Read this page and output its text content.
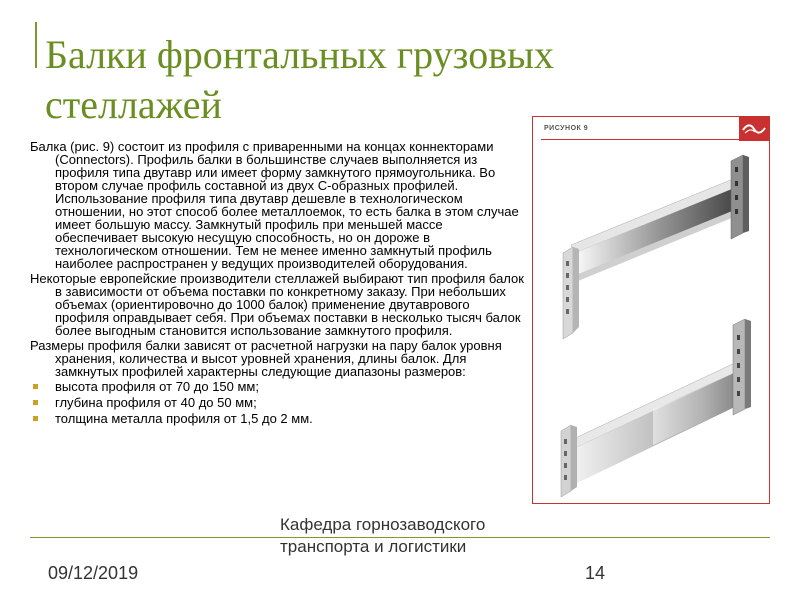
Балки фронтальных грузовых стеллажей

Балка (рис. 9) состоит из профиля с приваренными на концах коннекторами (Connectors). Профиль балки в большинстве случаев выполняется из профиля типа двутавр или имеет форму замкнутого прямоугольника. Во втором случае профиль составной из двух С-образных профилей. Использование профиля типа двутавр дешевле в технологическом отношении, но этот способ более металлоемок, то есть балка в этом случае имеет большую массу. Замкнутый профиль при меньшей массе обеспечивает высокую несущую способность, но он дороже в технологическом отношении. Тем не менее именно замкнутый профиль наиболее распространен у ведущих производителей оборудования.

Некоторые европейские производители стеллажей выбирают тип профиля балок в зависимости от объема поставки по конкретному заказу. При небольших объемах (ориентировочно до 1000 балок) применение двутаврового профиля оправдывает себя. При объемах поставки в несколько тысяч балок более выгодным становится использование замкнутого профиля.

Размеры профиля балки зависят от расчетной нагрузки на пару балок уровня хранения, количества и высот уровней хранения, длины балок. Для замкнутых профилей характерны следующие диапазоны размеров:

высота профиля от 70 до 150 мм;
глубина профиля от 40 до 50 мм;
толщина металла профиля от 1,5 до 2 мм.
РИСУНОК 9
09/12/2019
Кафедра горнозаводского транспорта и логистики
14
